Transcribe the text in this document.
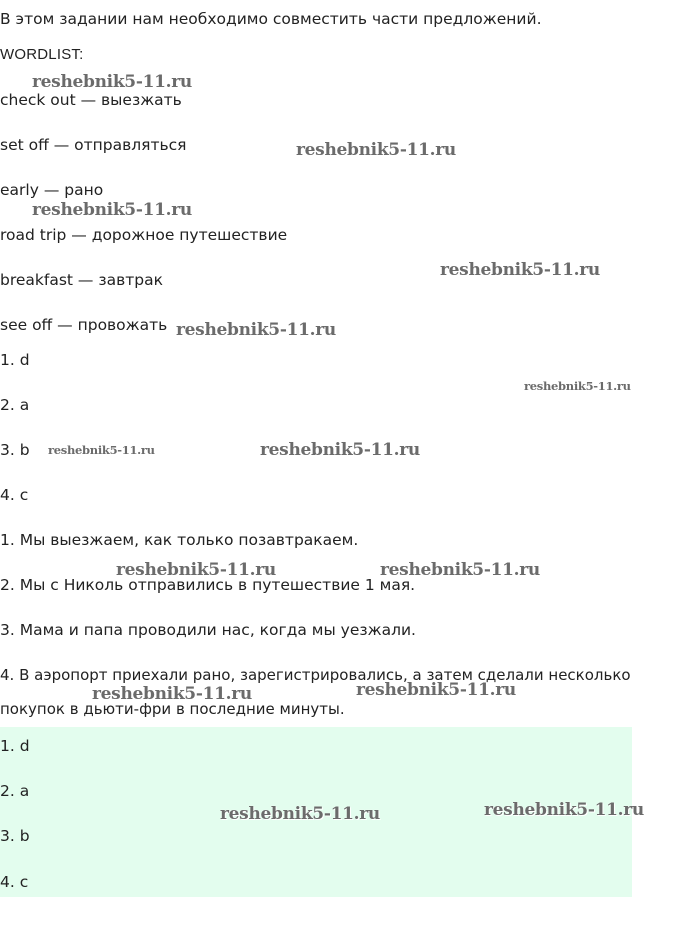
В этом задании нам необходимо совместить части предложений.
WORDLIST:
check out — выезжать
set off — отправляться
early — рано
road trip — дорожное путешествие
breakfast — завтрак
see off — провожать
1. d
2. a
3. b
4. c
1. Мы выезжаем, как только позавтракаем.
2. Мы с Николь отправились в путешествие 1 мая.
3. Мама и папа проводили нас, когда мы уезжали.
4. В аэропорт приехали рано, зарегистрировались, а затем сделали несколько покупок в дьюти-фри в последние минуты.
1. d
2. a
3. b
4. c
reshebnik5-11.ru
reshebnik5-11.ru
reshebnik5-11.ru
reshebnik5-11.ru
reshebnik5-11.ru
reshebnik5-11.ru
reshebnik5-11.ru	reshebnik5-11.ru
reshebnik5-11.ru	reshebnik5-11.ru
reshebnik5-11.ru	reshebnik5-11.ru
reshebnik5-11.ru	reshebnik5-11.ru
